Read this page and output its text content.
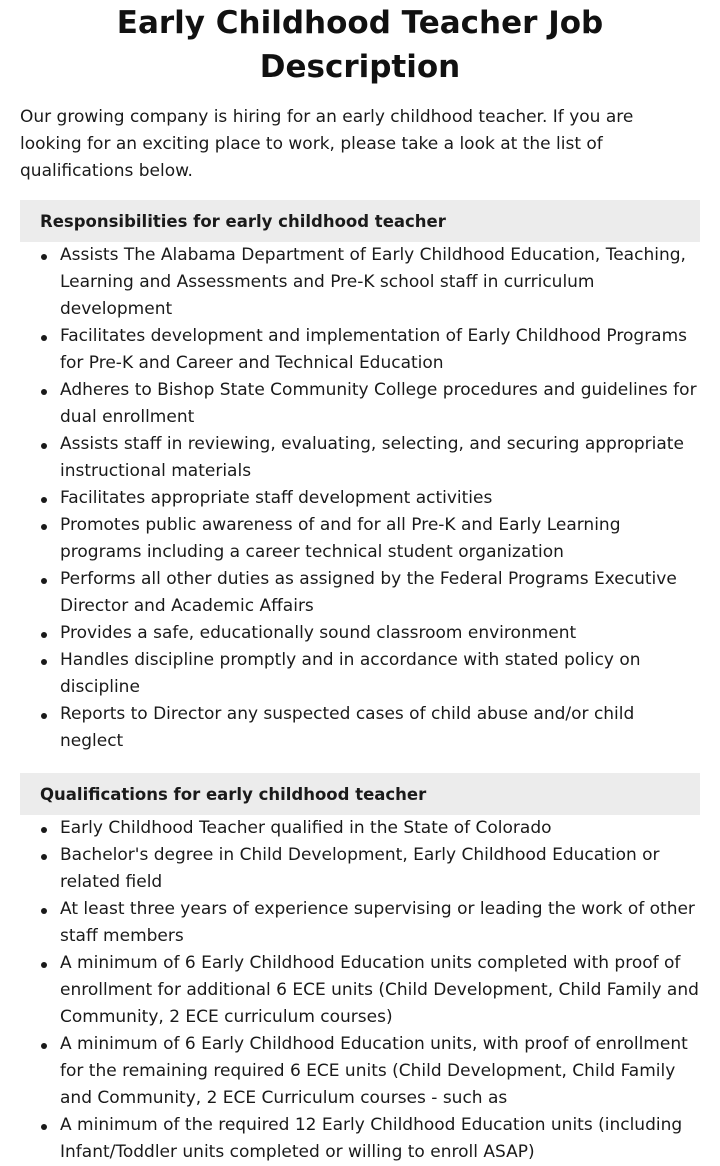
Early Childhood Teacher Job Description

Our growing company is hiring for an early childhood teacher. If you are looking for an exciting place to work, please take a look at the list of qualifications below.

Responsibilities for early childhood teacher
Assists The Alabama Department of Early Childhood Education, Teaching, Learning and Assessments and Pre-K school staff in curriculum development
Facilitates development and implementation of Early Childhood Programs for Pre-K and Career and Technical Education
Adheres to Bishop State Community College procedures and guidelines for dual enrollment
Assists staff in reviewing, evaluating, selecting, and securing appropriate instructional materials
Facilitates appropriate staff development activities
Promotes public awareness of and for all Pre-K and Early Learning programs including a career technical student organization
Performs all other duties as assigned by the Federal Programs Executive Director and Academic Affairs
Provides a safe, educationally sound classroom environment
Handles discipline promptly and in accordance with stated policy on discipline
Reports to Director any suspected cases of child abuse and/or child neglect
Qualifications for early childhood teacher
Early Childhood Teacher qualified in the State of Colorado
Bachelor's degree in Child Development, Early Childhood Education or related field
At least three years of experience supervising or leading the work of other staff members
A minimum of 6 Early Childhood Education units completed with proof of enrollment for additional 6 ECE units (Child Development, Child Family and Community, 2 ECE curriculum courses)
A minimum of 6 Early Childhood Education units, with proof of enrollment for the remaining required 6 ECE units (Child Development, Child Family and Community, 2 ECE Curriculum courses - such as
A minimum of the required 12 Early Childhood Education units (including Infant/Toddler units completed or willing to enroll ASAP)
